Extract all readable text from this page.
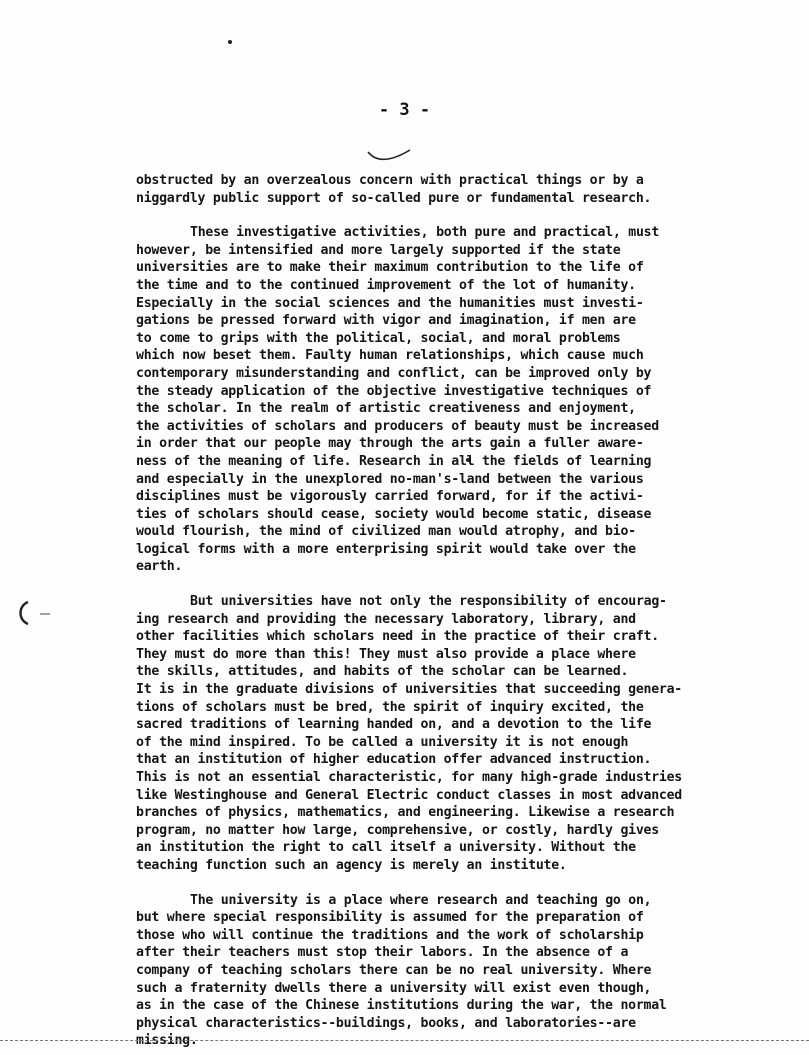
- 3 -
obstructed by an overzealous concern with practical things or by a
niggardly public support of so-called pure or fundamental research.
These investigative activities, both pure and practical, must
however, be intensified and more largely supported if the state
universities are to make their maximum contribution to the life of
the time and to the continued improvement of the lot of humanity.
Especially in the social sciences and the humanities must investi-
gations be pressed forward with vigor and imagination, if men are
to come to grips with the political, social, and moral problems
which now beset them. Faulty human relationships, which cause much
contemporary misunderstanding and conflict, can be improved only by
the steady application of the objective investigative techniques of
the scholar. In the realm of artistic creativeness and enjoyment,
the activities of scholars and producers of beauty must be increased
in order that our people may through the arts gain a fuller aware-
ness of the meaning of life. Research in all the fields of learning
and especially in the unexplored no-man's-land between the various
disciplines must be vigorously carried forward, for if the activi-
ties of scholars should cease, society would become static, disease
would flourish, the mind of civilized man would atrophy, and bio-
logical forms with a more enterprising spirit would take over the
earth.
But universities have not only the responsibility of encourag-
ing research and providing the necessary laboratory, library, and
other facilities which scholars need in the practice of their craft.
They must do more than this! They must also provide a place where
the skills, attitudes, and habits of the scholar can be learned.
It is in the graduate divisions of universities that succeeding genera-
tions of scholars must be bred, the spirit of inquiry excited, the
sacred traditions of learning handed on, and a devotion to the life
of the mind inspired. To be called a university it is not enough
that an institution of higher education offer advanced instruction.
This is not an essential characteristic, for many high-grade industries
like Westinghouse and General Electric conduct classes in most advanced
branches of physics, mathematics, and engineering. Likewise a research
program, no matter how large, comprehensive, or costly, hardly gives
an institution the right to call itself a university. Without the
teaching function such an agency is merely an institute.
The university is a place where research and teaching go on,
but where special responsibility is assumed for the preparation of
those who will continue the traditions and the work of scholarship
after their teachers must stop their labors. In the absence of a
company of teaching scholars there can be no real university. Where
such a fraternity dwells there a university will exist even though,
as in the case of the Chinese institutions during the war, the normal
physical characteristics--buildings, books, and laboratories--are
missing.
